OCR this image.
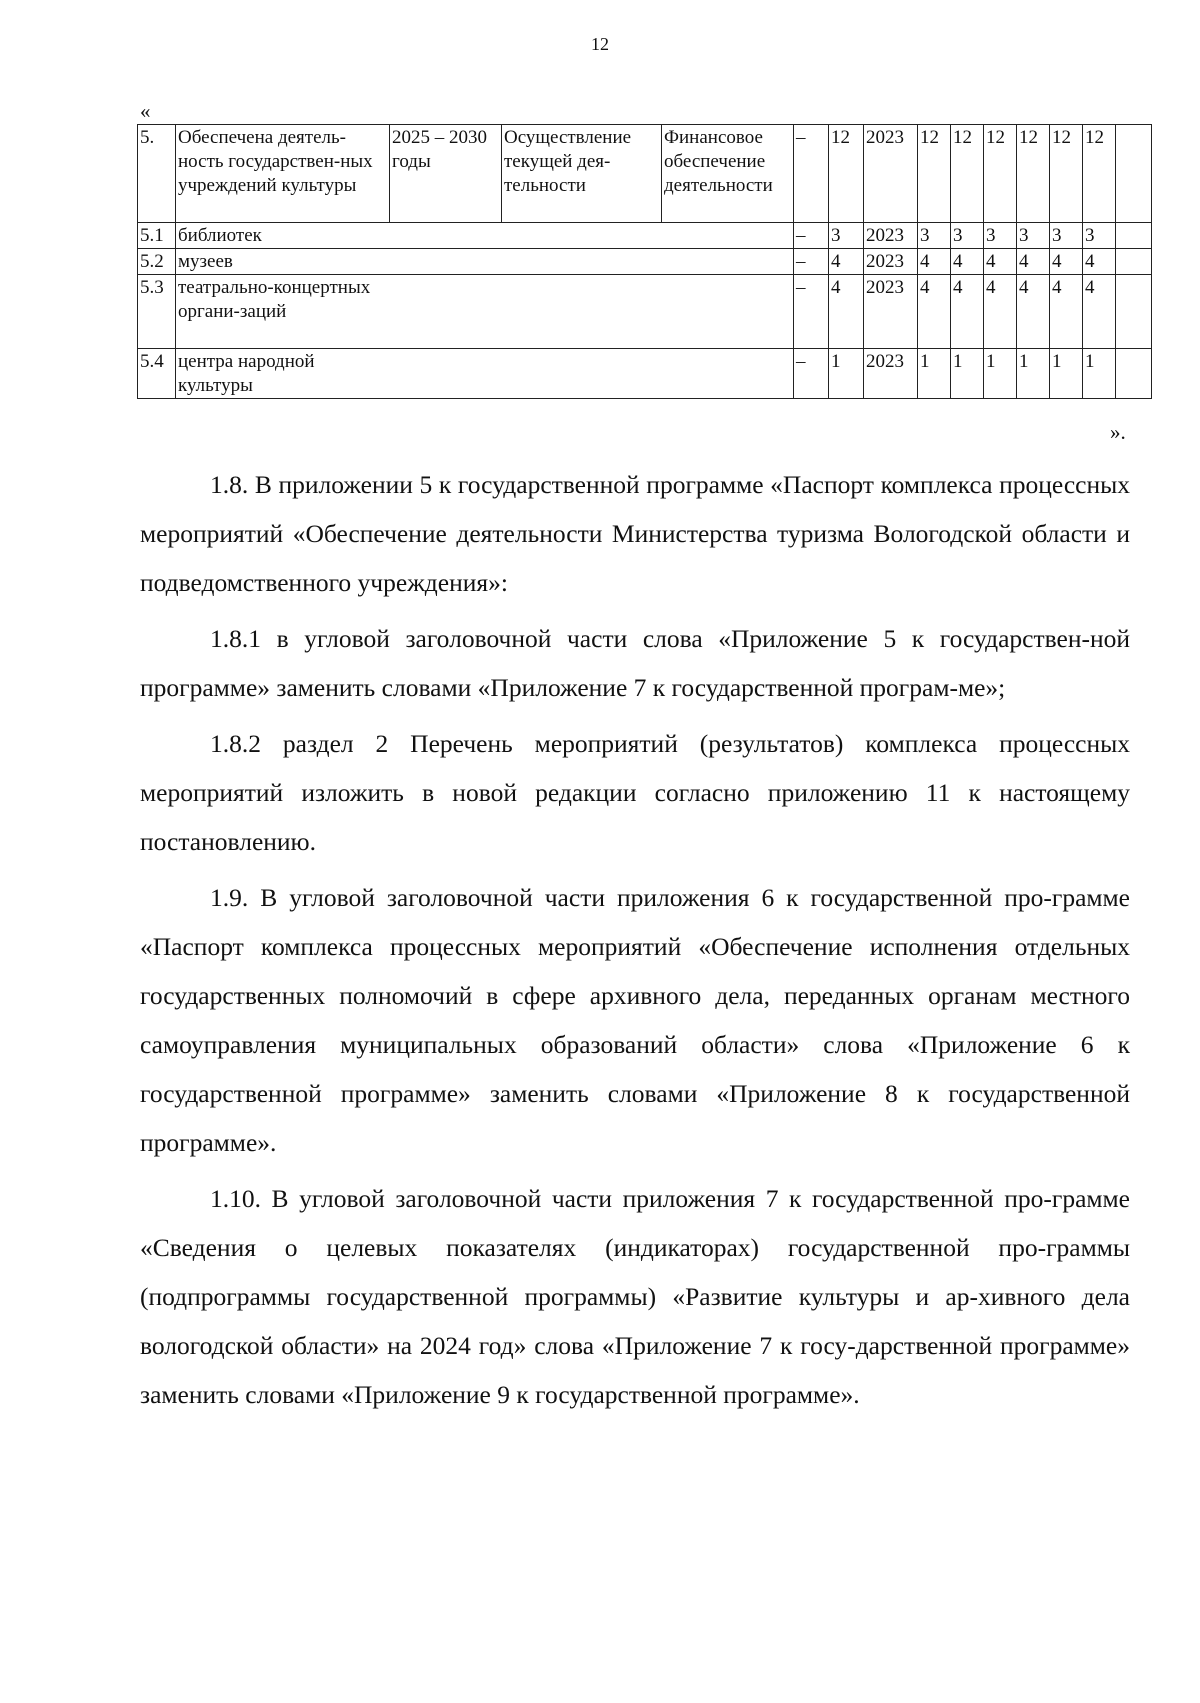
12
«
5.	Обеспечена деятель-ность государствен-ных учреждений культуры	2025 – 2030 годы	Осуществление текущей дея-тельности	Финансовое обеспечение деятельности	–	12	2023	12	12	12	12	12	12	
5.1	библиотек				–	3	2023	3	3	3	3	3	3	
5.2	музеев				–	4	2023	4	4	4	4	4	4	
5.3	театрально-концертных органи-заций				–	4	2023	4	4	4	4	4	4	
5.4	центра народной культуры				–	1	2023	1	1	1	1	1	1	
».

1.8. В приложении 5 к государственной программе «Паспорт комплекса процессных мероприятий «Обеспечение деятельности Министерства туризма Вологодской области и подведомственного учреждения»:

1.8.1 в угловой заголовочной части слова «Приложение 5 к государствен-ной программе» заменить словами «Приложение 7 к государственной програм-ме»;

1.8.2 раздел 2 Перечень мероприятий (результатов) комплекса процессных мероприятий изложить в новой редакции согласно приложению 11 к настоящему постановлению.

1.9. В угловой заголовочной части приложения 6 к государственной про-грамме «Паспорт комплекса процессных мероприятий «Обеспечение исполнения отдельных государственных полномочий в сфере архивного дела, переданных органам местного самоуправления муниципальных образований области» слова «Приложение 6 к государственной программе» заменить словами «Приложение 8 к государственной программе».

1.10. В угловой заголовочной части приложения 7 к государственной про-грамме «Сведения о целевых показателях (индикаторах) государственной про-граммы (подпрограммы государственной программы) «Развитие культуры и ар-хивного дела вологодской области» на 2024 год» слова «Приложение 7 к госу-дарственной программе» заменить словами «Приложение 9 к государственной программе».
